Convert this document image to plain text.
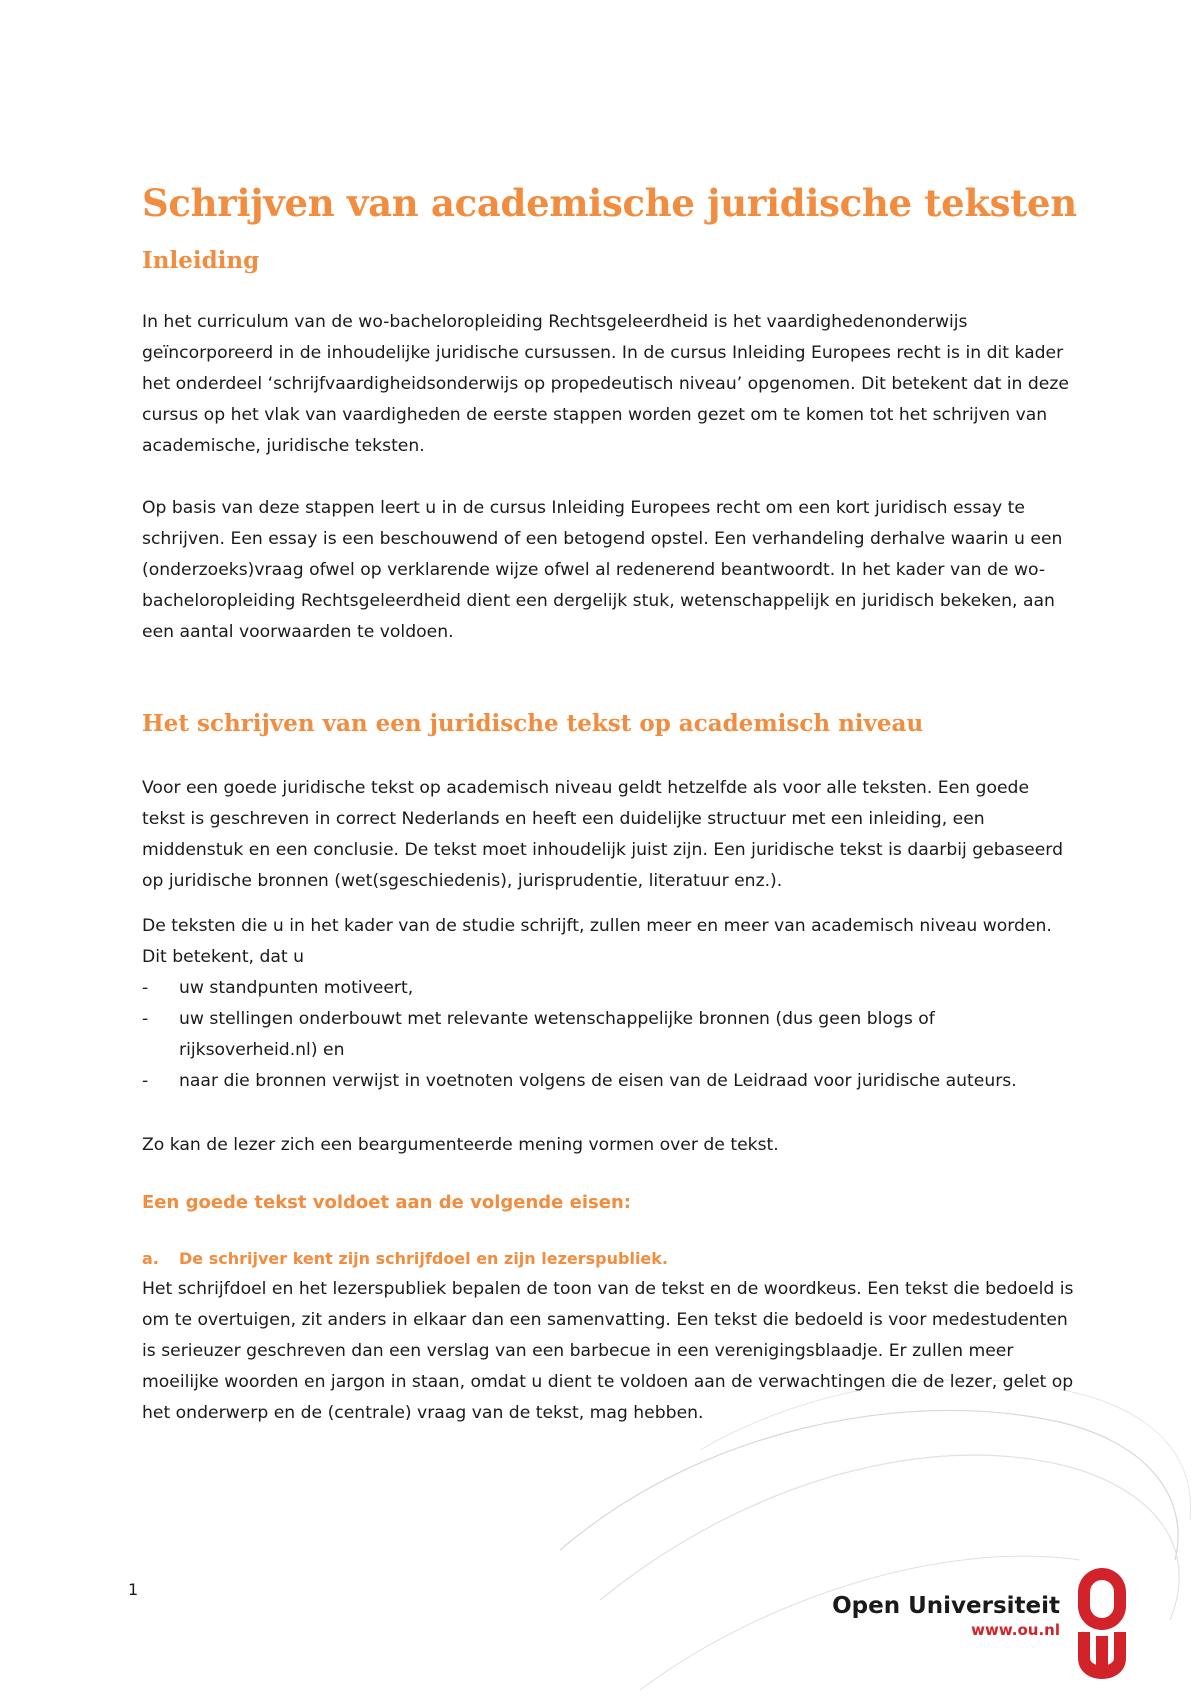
Schrijven van academische juridische teksten
Inleiding

In het curriculum van de wo-bacheloropleiding Rechtsgeleerdheid is het vaardighedenonderwijs geïncorporeerd in de inhoudelijke juridische cursussen. In de cursus Inleiding Europees recht is in dit kader het onderdeel ‘schrijfvaardigheidsonderwijs op propedeutisch niveau’ opgenomen. Dit betekent dat in deze cursus op het vlak van vaardigheden de eerste stappen worden gezet om te komen tot het schrijven van academische, juridische teksten.

Op basis van deze stappen leert u in de cursus Inleiding Europees recht om een kort juridisch essay te schrijven. Een essay is een beschouwend of een betogend opstel. Een verhandeling derhalve waarin u een (onderzoeks)vraag ofwel op verklarende wijze ofwel al redenerend beantwoordt. In het kader van de wo-bacheloropleiding Rechtsgeleerdheid dient een dergelijk stuk, wetenschappelijk en juridisch bekeken, aan een aantal voorwaarden te voldoen.

Het schrijven van een juridische tekst op academisch niveau

Voor een goede juridische tekst op academisch niveau geldt hetzelfde als voor alle teksten. Een goede tekst is geschreven in correct Nederlands en heeft een duidelijke structuur met een inleiding, een middenstuk en een conclusie. De tekst moet inhoudelijk juist zijn. Een juridische tekst is daarbij gebaseerd op juridische bronnen (wet(sgeschiedenis), jurisprudentie, literatuur enz.).

De teksten die u in het kader van de studie schrijft, zullen meer en meer van academisch niveau worden. Dit betekent, dat u

-	uw standpunten motiveert,
-	uw stellingen onderbouwt met relevante wetenschappelijke bronnen (dus geen blogs of rijksoverheid.nl) en
-	naar die bronnen verwijst in voetnoten volgens de eisen van de Leidraad voor juridische auteurs.

Zo kan de lezer zich een beargumenteerde mening vormen over de tekst.

Een goede tekst voldoet aan de volgende eisen:
a.	De schrijver kent zijn schrijfdoel en zijn lezerspubliek.

Het schrijfdoel en het lezerspubliek bepalen de toon van de tekst en de woordkeus. Een tekst die bedoeld is om te overtuigen, zit anders in elkaar dan een samenvatting. Een tekst die bedoeld is voor medestudenten is serieuzer geschreven dan een verslag van een barbecue in een verenigingsblaadje. Er zullen meer moeilijke woorden en jargon in staan, omdat u dient te voldoen aan de verwachtingen die de lezer, gelet op het onderwerp en de (centrale) vraag van de tekst, mag hebben.

1
Open Universiteit
www.ou.nl
